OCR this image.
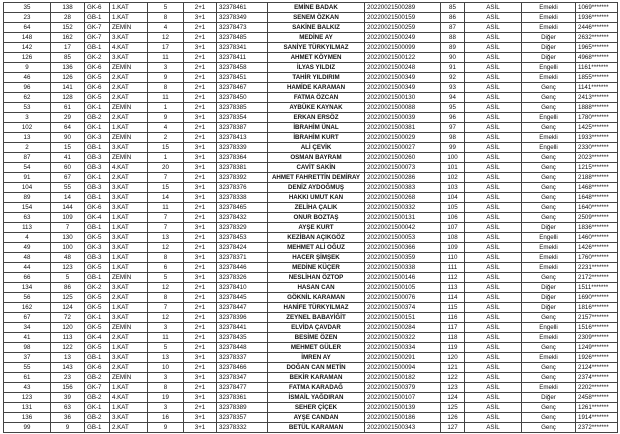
35	138	GK-6	1.KAT	5	2+1	32378461	EMİNE BADAK	20220021500289	85	ASİL	Emekli	1069*******
23	28	GB-1	1.KAT	8	3+1	32378349	SENEM ÖZKAN	20220021500159	86	ASİL	Emekli	1936*******
64	152	GK-7	ZEMİN	4	2+1	32378473	SAKİNE BALKIZ	20220021500259	87	ASİL	Emekli	2446*******
148	162	GK-7	3.KAT	12	2+1	32378485	MEDİNE AY	20220021500249	88	ASİL	Diğer	2632*******
142	17	GB-1	4.KAT	17	3+1	32378341	SANİYE TÜRKYILMAZ	20220021500099	89	ASİL	Diğer	1965*******
126	85	GK-2	3.KAT	11	2+1	32378411	AHMET KÖYMEN	20220021500122	90	ASİL	Diğer	4968*******
9	136	GK-6	ZEMİN	3	2+1	32378458	İLYAS YILDIZ	20220021500248	91	ASİL	Engelli	1161*******
46	126	GK-5	2.KAT	9	2+1	32378451	TAHİR YILDIRIM	20220021500349	92	ASİL	Emekli	1855*******
96	141	GK-6	2.KAT	8	2+1	32378467	HAMİDE KARAMAN	20220021500349	93	ASİL	Genç	1141*******
62	128	GK-5	2.KAT	11	2+1	32378450	FATMA ÖZCAN	20220021500130	94	ASİL	Genç	2413*******
53	61	GK-1	ZEMİN	1	2+1	32378385	AYBÜKE KAYNAK	20220021500088	95	ASİL	Genç	1888*******
3	29	GB-2	2.KAT	9	3+1	32378354	ERKAN ERSÖZ	20220021500039	96	ASİL	Engelli	1780*******
102	64	GK-1	1.KAT	4	2+1	32378387	İBRAHİM ÜNAL	20220021500381	97	ASİL	Genç	1425*******
13	90	GK-3	ZEMİN	2	2+1	32378413	İBRAHİM KURT	20220021500029	98	ASİL	Emekli	1933*******
2	15	GB-1	3.KAT	15	3+1	32378339	ALİ ÇEVİK	20220021500027	99	ASİL	Engelli	2330*******
87	41	GB-3	ZEMİN	1	3+1	32378364	OSMAN BAYRAM	20220021500260	100	ASİL	Genç	2023*******
54	60	GB-3	4.KAT	20	3+1	32378381	CAVİT SAKİN	20220021500073	101	ASİL	Genç	1215*******
91	67	GK-1	2.KAT	7	2+1	32378392	AHMET FAHRETTİN DEMİRAY	20220021500286	102	ASİL	Genç	2188*******
104	55	GB-3	3.KAT	15	3+1	32378376	DENİZ AYDOĞMUŞ	20220021500383	103	ASİL	Genç	1468*******
89	14	GB-1	3.KAT	14	3+1	32378338	HAKKI UMUT KAN	20220021500268	104	ASİL	Genç	1648*******
154	144	GK-6	3.KAT	11	2+1	32378465	ZELİHA ÇALIK	20220021500332	105	ASİL	Genç	1640*******
63	109	GK-4	1.KAT	7	2+1	32378432	ONUR BOZTAŞ	20220021500131	106	ASİL	Genç	2509*******
113	7	GB-1	1.KAT	7	3+1	32378329	AYŞE KURT	20220021500042	107	ASİL	Diğer	1836*******
4	130	GK-5	3.KAT	13	2+1	32378453	KEZİBAN AÇIKGÖZ	20220021500053	108	ASİL	Engelli	1460*******
49	100	GK-3	3.KAT	12	2+1	32378424	MEHMET ALİ OĞUZ	20220021500366	109	ASİL	Emekli	1426*******
48	48	GB-3	1.KAT	8	3+1	32378371	HACER ŞİMŞEK	20220021500359	110	ASİL	Emekli	1760*******
44	123	GK-5	1.KAT	6	2+1	32378446	MEDİNE KÜÇER	20220021500338	111	ASİL	Emekli	2231*******
66	5	GB-1	ZEMİN	5	3+1	32378326	NESLİHAN ÖZTOP	20220021500146	112	ASİL	Genç	2172*******
134	86	GK-2	3.KAT	12	2+1	32378410	HASAN CAN	20220021500105	113	ASİL	Diğer	1511*******
56	125	GK-5	2.KAT	8	2+1	32378445	GÖKNİL KARAMAN	20220021500076	114	ASİL	Diğer	1690*******
162	124	GK-5	1.KAT	7	2+1	32378447	HANİFE TÜRKYILMAZ	20220021500374	115	ASİL	Diğer	1816*******
67	72	GK-1	3.KAT	12	2+1	32378396	ZEYNEL BABAYİĞİT	20220021500151	116	ASİL	Genç	2157*******
34	120	GK-5	ZEMİN	3	2+1	32378441	ELVİDA ÇAVDAR	20220021500284	117	ASİL	Engelli	1516*******
41	113	GK-4	2.KAT	11	2+1	32378435	BESİME ÖZEN	20220021500322	118	ASİL	Emekli	2309*******
98	122	GK-5	1.KAT	5	2+1	32378448	MEHMET GÜLER	20220021500334	119	ASİL	Genç	1249*******
37	13	GB-1	3.KAT	13	3+1	32378337	İMREN AY	20220021500291	120	ASİL	Emekli	1926*******
55	143	GK-6	2.KAT	10	2+1	32378466	DOĞAN CAN METİN	20220021500094	121	ASİL	Genç	2124*******
61	23	GB-2	ZEMİN	3	3+1	32378347	BEKİR KARAMAN	20220021500182	122	ASİL	Genç	2374*******
43	156	GK-7	1.KAT	8	2+1	32378477	FATMA KARADAĞ	20220021500379	123	ASİL	Emekli	2202*******
123	39	GB-2	4.KAT	19	3+1	32378361	İSMAİL YAĞDIRAN	20220021500107	124	ASİL	Diğer	2458*******
131	63	GK-1	1.KAT	3	2+1	32378389	SEHER ÇİÇEK	20220021500139	125	ASİL	Genç	1261*******
136	36	GB-2	3.KAT	16	3+1	32378357	AYŞE CANDAN	20220021500186	126	ASİL	Genç	1914*******
99	9	GB-1	2.KAT	9	3+1	32378332	BETÜL KARAMAN	20220021500343	127	ASİL	Genç	2372*******
